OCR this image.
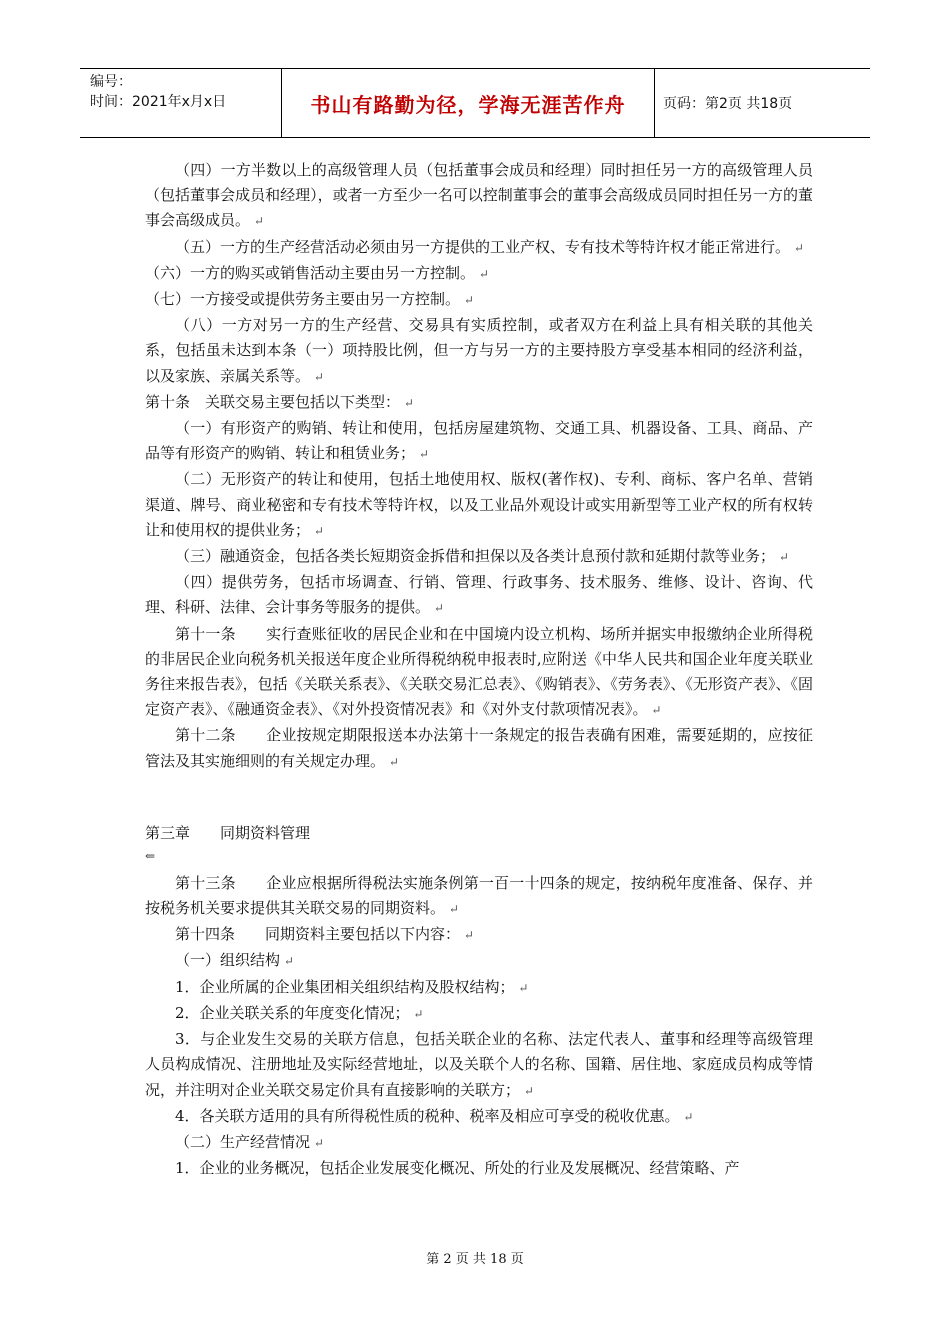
编号：
时间：2021年x月x日	书山有路勤为径，学海无涯苦作舟	页码：第2页 共18页

（四）一方半数以上的高级管理人员（包括董事会成员和经理）同时担任另一方的高级管理人员（包括董事会成员和经理），或者一方至少一名可以控制董事会的董事会高级成员同时担任另一方的董事会高级成员。 ↵

（五）一方的生产经营活动必须由另一方提供的工业产权、专有技术等特许权才能正常进行。 ↵

（六）一方的购买或销售活动主要由另一方控制。 ↵

（七）一方接受或提供劳务主要由另一方控制。 ↵

（八）一方对另一方的生产经营、交易具有实质控制，或者双方在利益上具有相关联的其他关系，包括虽未达到本条（一）项持股比例，但一方与另一方的主要持股方享受基本相同的经济利益，以及家族、亲属关系等。 ↵

第十条　关联交易主要包括以下类型： ↵

（一）有形资产的购销、转让和使用，包括房屋建筑物、交通工具、机器设备、工具、商品、产品等有形资产的购销、转让和租赁业务； ↵

（二）无形资产的转让和使用，包括土地使用权、版权(著作权)、专利、商标、客户名单、营销渠道、牌号、商业秘密和专有技术等特许权，以及工业品外观设计或实用新型等工业产权的所有权转让和使用权的提供业务； ↵

（三）融通资金，包括各类长短期资金拆借和担保以及各类计息预付款和延期付款等业务； ↵

（四）提供劳务，包括市场调查、行销、管理、行政事务、技术服务、维修、设计、咨询、代理、科研、法律、会计事务等服务的提供。 ↵

第十一条　　实行查账征收的居民企业和在中国境内设立机构、场所并据实申报缴纳企业所得税的非居民企业向税务机关报送年度企业所得税纳税申报表时,应附送《中华人民共和国企业年度关联业务往来报告表》，包括《关联关系表》、《关联交易汇总表》、《购销表》、《劳务表》、《无形资产表》、《固定资产表》、《融通资金表》、《对外投资情况表》和《对外支付款项情况表》。 ↵

第十二条　　企业按规定期限报送本办法第十一条规定的报告表确有困难，需要延期的，应按征管法及其实施细则的有关规定办理。 ↵

第三章　　同期资料管理

⇐

第十三条　　企业应根据所得税法实施条例第一百一十四条的规定，按纳税年度准备、保存、并按税务机关要求提供其关联交易的同期资料。 ↵

第十四条　　同期资料主要包括以下内容： ↵

（一）组织结构 ↵

1．企业所属的企业集团相关组织结构及股权结构； ↵

2．企业关联关系的年度变化情况； ↵

3．与企业发生交易的关联方信息，包括关联企业的名称、法定代表人、董事和经理等高级管理人员构成情况、注册地址及实际经营地址，以及关联个人的名称、国籍、居住地、家庭成员构成等情况，并注明对企业关联交易定价具有直接影响的关联方； ↵

4．各关联方适用的具有所得税性质的税种、税率及相应可享受的税收优惠。 ↵

（二）生产经营情况 ↵

1．企业的业务概况，包括企业发展变化概况、所处的行业及发展概况、经营策略、产

第 2 页 共 18 页
